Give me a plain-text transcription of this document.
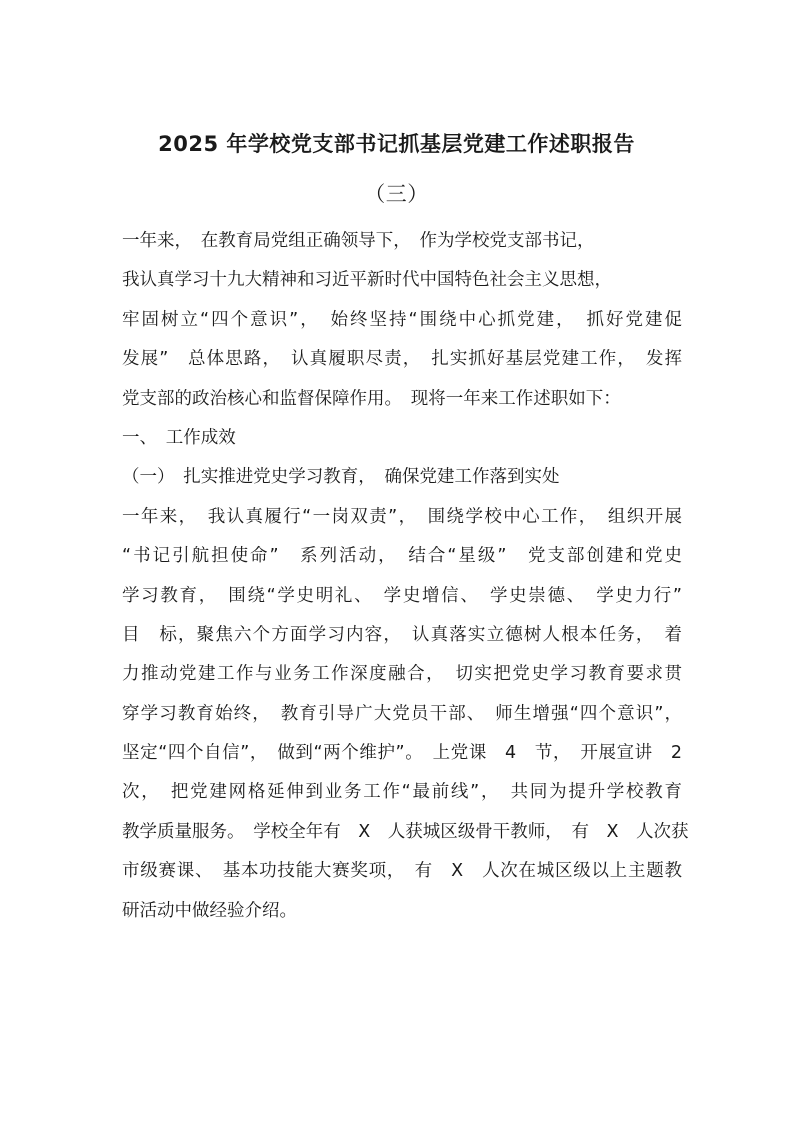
2025 年学校党支部书记抓基层党建工作述职报告
（三）
一年来，　在教育局党组正确领导下，　作为学校党支部书记，
我认真学习十九大精神和习近平新时代中国特色社会主义思想，
牢固树立“四个意识”，　始终坚持“围绕中心抓党建，　抓好党建促
发展”　总体思路，　认真履职尽责，　扎实抓好基层党建工作，　发挥
党支部的政治核心和监督保障作用。　现将一年来工作述职如下：
一、　工作成效
（一）　扎实推进党史学习教育，　确保党建工作落到实处
一年来，　我认真履行“一岗双责”，　围绕学校中心工作，　组织开展
“书记引航担使命”　系列活动，　结合“星级”　党支部创建和党史
学习教育，　围绕“学史明礼、　学史增信、　学史崇德、　学史力行”
目　标，聚焦六个方面学习内容，　认真落实立德树人根本任务，　着
力推动党建工作与业务工作深度融合，　切实把党史学习教育要求贯
穿学习教育始终，　教育引导广大党员干部、　师生增强“四个意识”，
坚定“四个自信”，　做到“两个维护”。　上党课　4　节，　开展宣讲　2
次，　把党建网格延伸到业务工作“最前线”，　共同为提升学校教育
教学质量服务。　学校全年有　X　人获城区级骨干教师，　有　X　人次获
市级赛课、　基本功技能大赛奖项，　有　X　人次在城区级以上主题教
研活动中做经验介绍。
